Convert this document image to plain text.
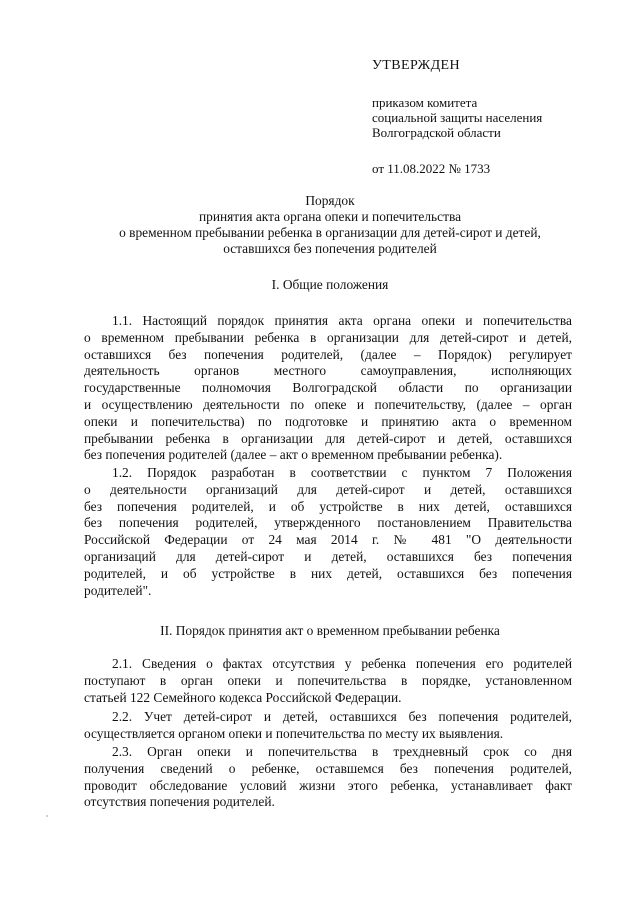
УТВЕРЖДЕН
приказом комитета
социальной защиты населения
Волгоградской области
от 11.08.2022 № 1733
Порядок
принятия акта органа опеки и попечительства
о временном пребывании ребенка в организации для детей-сирот и детей,
оставшихся без попечения родителей
I. Общие положения
1.1. Настоящий порядок принятия акта органа опеки и попечительства
о временном пребывании ребенка в организации для детей-сирот и детей,
оставшихся без попечения родителей, (далее – Порядок) регулирует
деятельность органов местного самоуправления, исполняющих
государственные полномочия Волгоградской области по организации
и осуществлению деятельности по опеке и попечительству, (далее – орган
опеки и попечительства) по подготовке и принятию акта о временном
пребывании ребенка в организации для детей-сирот и детей, оставшихся
без попечения родителей (далее – акт о временном пребывании ребенка).
1.2. Порядок разработан в соответствии с пунктом 7 Положения
о деятельности организаций для детей-сирот и детей, оставшихся
без попечения родителей, и об устройстве в них детей, оставшихся
без попечения родителей, утвержденного постановлением Правительства
Российской Федерации от 24 мая 2014 г. № 481 "О деятельности
организаций для детей-сирот и детей, оставшихся без попечения
родителей, и об устройстве в них детей, оставшихся без попечения
родителей".
II. Порядок принятия акт о временном пребывании ребенка
2.1. Сведения о фактах отсутствия у ребенка попечения его родителей
поступают в орган опеки и попечительства в порядке, установленном
статьей 122 Семейного кодекса Российской Федерации.
2.2. Учет детей-сирот и детей, оставшихся без попечения родителей,
осуществляется органом опеки и попечительства по месту их выявления.
2.3. Орган опеки и попечительства в трехдневный срок со дня
получения сведений о ребенке, оставшемся без попечения родителей,
проводит обследование условий жизни этого ребенка, устанавливает факт
отсутствия попечения родителей.
